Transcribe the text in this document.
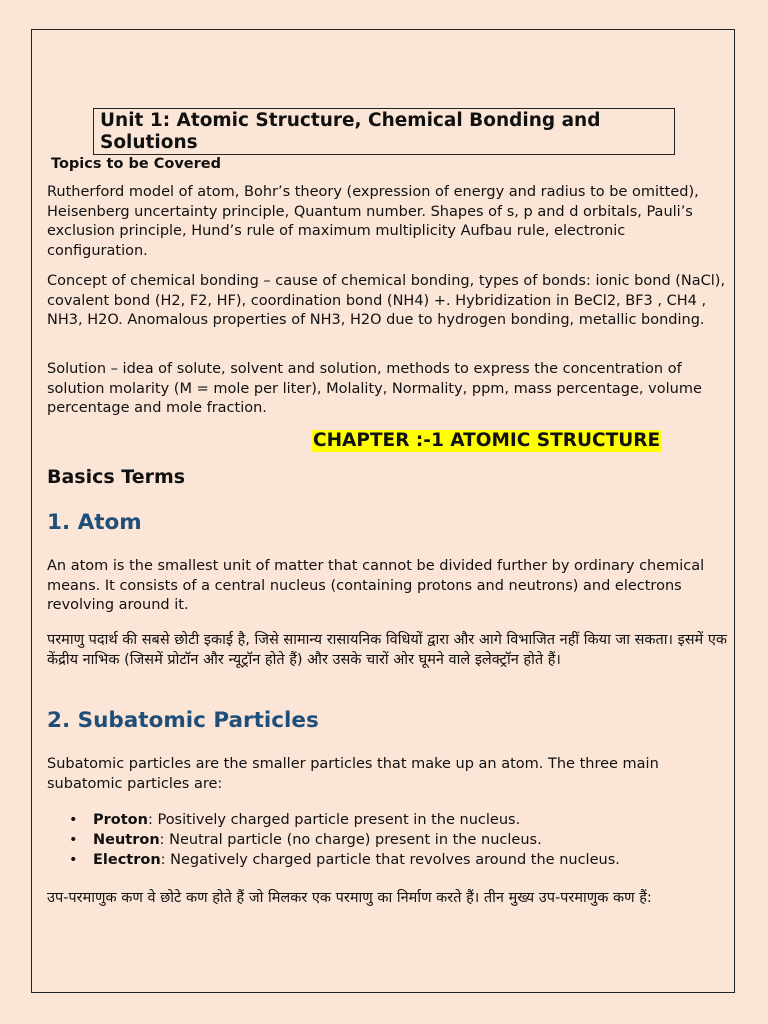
Unit 1: Atomic Structure, Chemical Bonding and Solutions
Topics to be Covered

Rutherford model of atom, Bohr’s theory (expression of energy and radius to be omitted), Heisenberg uncertainty principle, Quantum number. Shapes of s, p and d orbitals, Pauli’s exclusion principle, Hund’s rule of maximum multiplicity Aufbau rule, electronic configuration.

Concept of chemical bonding – cause of chemical bonding, types of bonds: ionic bond (NaCl), covalent bond (H2, F2, HF), coordination bond (NH4) +. Hybridization in BeCl2, BF3 , CH4 , NH3, H2O. Anomalous properties of NH3, H2O due to hydrogen bonding, metallic bonding.

Solution – idea of solute, solvent and solution, methods to express the concentration of solution molarity (M = mole per liter), Molality, Normality, ppm, mass percentage, volume percentage and mole fraction.

CHAPTER :-1 ATOMIC STRUCTURE
Basics Terms
1. Atom

An atom is the smallest unit of matter that cannot be divided further by ordinary chemical means. It consists of a central nucleus (containing protons and neutrons) and electrons revolving around it.

परमाणु पदार्थ की सबसे छोटी इकाई है, जिसे सामान्य रासायनिक विधियों द्वारा और आगे विभाजित नहीं किया जा सकता। इसमें एक केंद्रीय नाभिक (जिसमें प्रोटॉन और न्यूट्रॉन होते हैं) और उसके चारों ओर घूमने वाले इलेक्ट्रॉन होते हैं।

2. Subatomic Particles

Subatomic particles are the smaller particles that make up an atom. The three main subatomic particles are:

• Proton: Positively charged particle present in the nucleus.
• Neutron: Neutral particle (no charge) present in the nucleus.
• Electron: Negatively charged particle that revolves around the nucleus.

उप-परमाणुक कण वे छोटे कण होते हैं जो मिलकर एक परमाणु का निर्माण करते हैं। तीन मुख्य उप-परमाणुक कण हैं:
